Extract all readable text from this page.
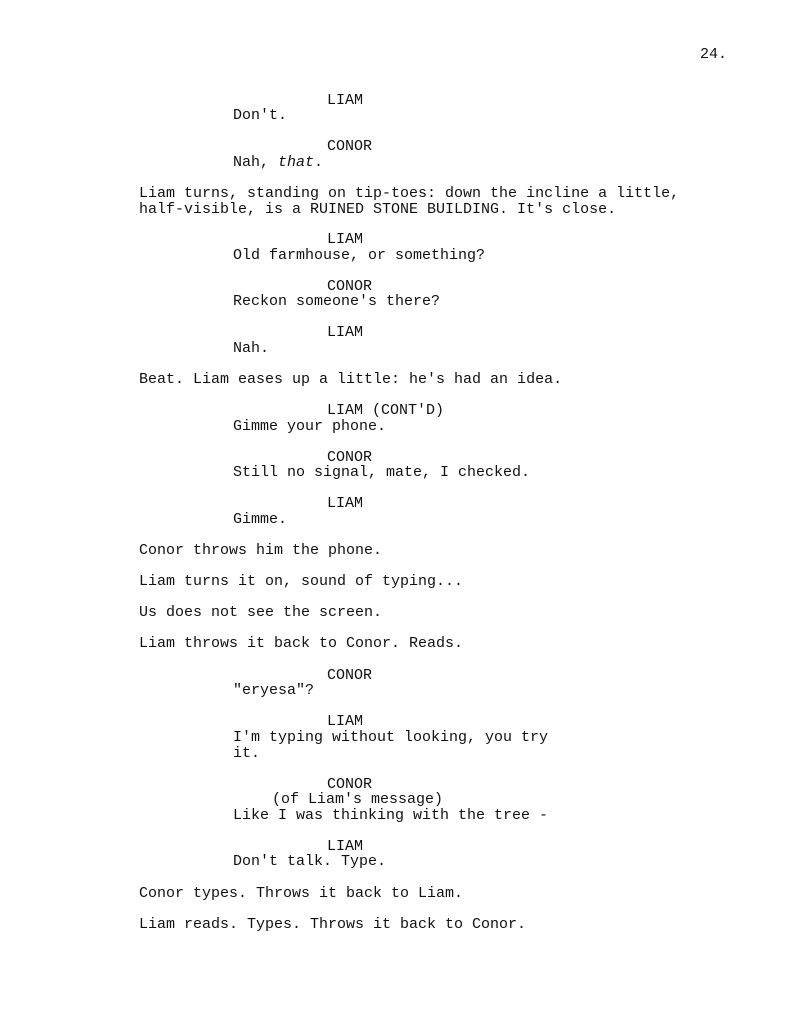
24.
LIAM
Don't.
CONOR
Nah, that.
Liam turns, standing on tip-toes: down the incline a little,
half-visible, is a RUINED STONE BUILDING. It's close.
LIAM
Old farmhouse, or something?
CONOR
Reckon someone's there?
LIAM
Nah.
Beat. Liam eases up a little: he's had an idea.
LIAM (CONT'D)
Gimme your phone.
CONOR
Still no signal, mate, I checked.
LIAM
Gimme.
Conor throws him the phone.
Liam turns it on, sound of typing...
Us does not see the screen.
Liam throws it back to Conor. Reads.
CONOR
"eryesa"?
LIAM
I'm typing without looking, you try
it.
CONOR
(of Liam's message)
Like I was thinking with the tree -
LIAM
Don't talk. Type.
Conor types. Throws it back to Liam.
Liam reads. Types. Throws it back to Conor.
